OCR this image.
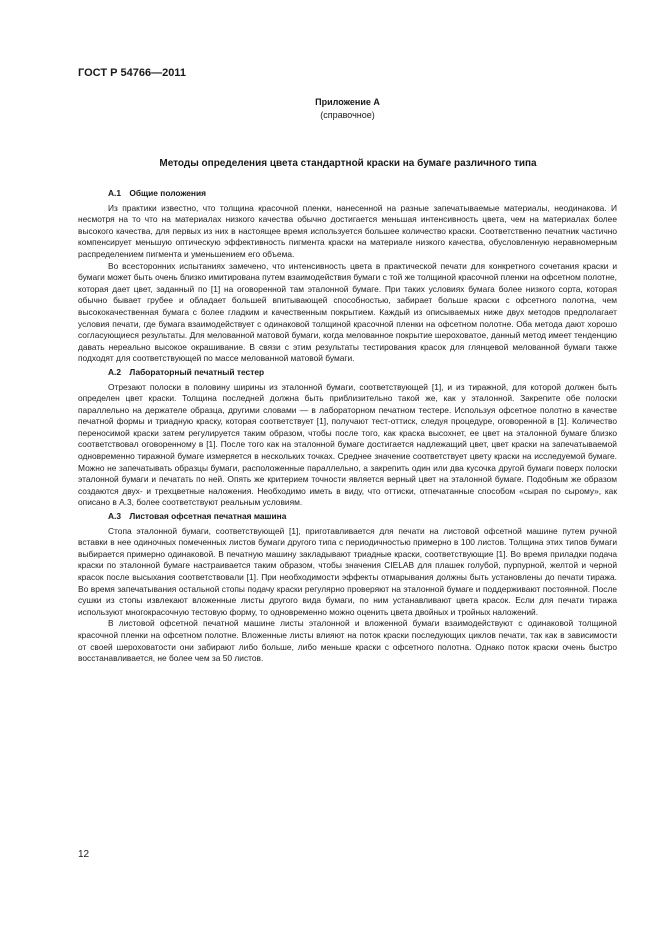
ГОСТ Р 54766—2011
Приложение А
(справочное)
Методы определения цвета стандартной краски на бумаге различного типа
А.1 Общие положения

Из практики известно, что толщина красочной пленки, нанесенной на разные запечатываемые материалы, неодинакова. И несмотря на то что на материалах низкого качества обычно достигается меньшая интенсивность цвета, чем на материалах более высокого качества, для первых из них в настоящее время используется большее количество краски. Соответственно печатник частично компенсирует меньшую оптическую эффективность пигмента краски на материале низкого качества, обусловленную неравномерным распределением пигмента и уменьшением его объема.

Во всесторонних испытаниях замечено, что интенсивность цвета в практической печати для конкретного сочетания краски и бумаги может быть очень близко имитирована путем взаимодействия бумаги с той же толщиной красочной пленки на офсетном полотне, которая дает цвет, заданный по [1] на оговоренной там эталонной бумаге. При таких условиях бумага более низкого сорта, которая обычно бывает грубее и обладает большей впитывающей способностью, забирает больше краски с офсетного полотна, чем высококачественная бумага с более гладким и качественным покрытием. Каждый из описываемых ниже двух методов предполагает условия печати, где бумага взаимодействует с одинаковой толщиной красочной пленки на офсетном полотне. Оба метода дают хорошо согласующиеся результаты. Для мелованной матовой бумаги, когда мелованное покрытие шероховатое, данный метод имеет тенденцию давать нереально высокое окрашивание. В связи с этим результаты тестирования красок для глянцевой мелованной бумаги также подходят для соответствующей по массе мелованной матовой бумаги.

А.2 Лабораторный печатный тестер

Отрезают полоски в половину ширины из эталонной бумаги, соответствующей [1], и из тиражной, для которой должен быть определен цвет краски. Толщина последней должна быть приблизительно такой же, как у эталонной. Закрепите обе полоски параллельно на держателе образца, другими словами — в лабораторном печатном тестере. Используя офсетное полотно в качестве печатной формы и триадную краску, которая соответствует [1], получают тест-оттиск, следуя процедуре, оговоренной в [1]. Количество переносимой краски затем регулируется таким образом, чтобы после того, как краска высохнет, ее цвет на эталонной бумаге близко соответствовал оговоренному в [1]. После того как на эталонной бумаге достигается надлежащий цвет, цвет краски на запечатываемой одновременно тиражной бумаге измеряется в нескольких точках. Среднее значение соответствует цвету краски на исследуемой бумаге. Можно не запечатывать образцы бумаги, расположенные параллельно, а закрепить один или два кусочка другой бумаги поверх полоски эталонной бумаги и печатать по ней. Опять же критерием точности является верный цвет на эталонной бумаге. Подобным же образом создаются двух- и трехцветные наложения. Необходимо иметь в виду, что оттиски, отпечатанные способом «сырая по сырому», как описано в А.3, более соответствуют реальным условиям.

А.3 Листовая офсетная печатная машина

Стопа эталонной бумаги, соответствующей [1], приготавливается для печати на листовой офсетной машине путем ручной вставки в нее одиночных помеченных листов бумаги другого типа с периодичностью примерно в 100 листов. Толщина этих типов бумаги выбирается примерно одинаковой. В печатную машину закладывают триадные краски, соответствующие [1]. Во время приладки подача краски по эталонной бумаге настраивается таким образом, чтобы значения CIELAB для плашек голубой, пурпурной, желтой и черной красок после высыхания соответствовали [1]. При необходимости эффекты отмарывания должны быть установлены до печати тиража. Во время запечатывания остальной стопы подачу краски регулярно проверяют на эталонной бумаге и поддерживают постоянной. После сушки из стопы извлекают вложенные листы другого вида бумаги, по ним устанавливают цвета красок. Если для печати тиража используют многокрасочную тестовую форму, то одновременно можно оценить цвета двойных и тройных наложений.

В листовой офсетной печатной машине листы эталонной и вложенной бумаги взаимодействуют с одинаковой толщиной красочной пленки на офсетном полотне. Вложенные листы влияют на поток краски последующих циклов печати, так как в зависимости от своей шероховатости они забирают либо больше, либо меньше краски с офсетного полотна. Однако поток краски очень быстро восстанавливается, не более чем за 50 листов.

12
